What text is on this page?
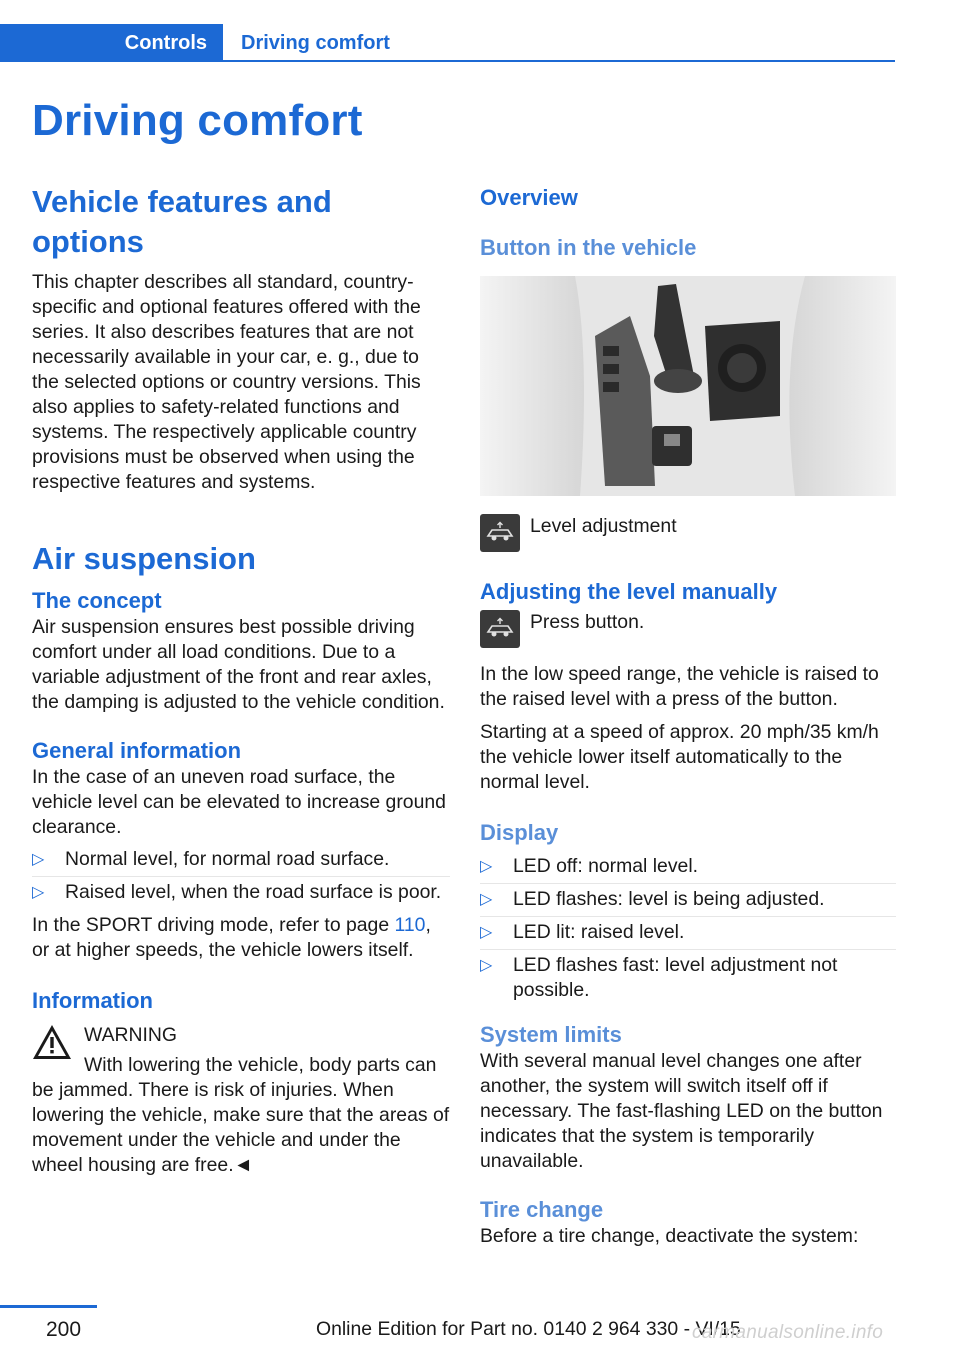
Controls	Driving comfort
Driving comfort
Vehicle features and options

This chapter describes all standard, country-specific and optional features offered with the series. It also describes features that are not necessarily available in your car, e. g., due to the selected options or country versions. This also applies to safety-related functions and systems. The respectively applicable country provisions must be observed when using the respective features and systems.

Air suspension
The concept

Air suspension ensures best possible driving comfort under all load conditions. Due to a variable adjustment of the front and rear axles, the damping is adjusted to the vehicle condition.

General information

In the case of an uneven road surface, the vehicle level can be elevated to increase ground clearance.

▷ Normal level, for normal road surface.
▷ Raised level, when the road surface is poor.

In the SPORT driving mode, refer to page 110, or at higher speeds, the vehicle lowers itself.

Information
WARNING

With lowering the vehicle, body parts can be jammed. There is risk of injuries. When lowering the vehicle, make sure that the areas of movement under the vehicle and under the wheel housing are free.◄

Overview
Button in the vehicle
Level adjustment
Adjusting the level manually
Press button.

In the low speed range, the vehicle is raised to the raised level with a press of the button.

Starting at a speed of approx. 20 mph/35 km/h the vehicle lower itself automatically to the normal level.

Display
▷ LED off: normal level.
▷ LED flashes: level is being adjusted.
▷ LED lit: raised level.
▷ LED flashes fast: level adjustment not possible.
System limits

With several manual level changes one after another, the system will switch itself off if necessary. The fast-flashing LED on the button indicates that the system is temporarily unavailable.

Tire change

Before a tire change, deactivate the system:

200	Online Edition for Part no. 0140 2 964 330 - VI/15
carmanualsonline.info
